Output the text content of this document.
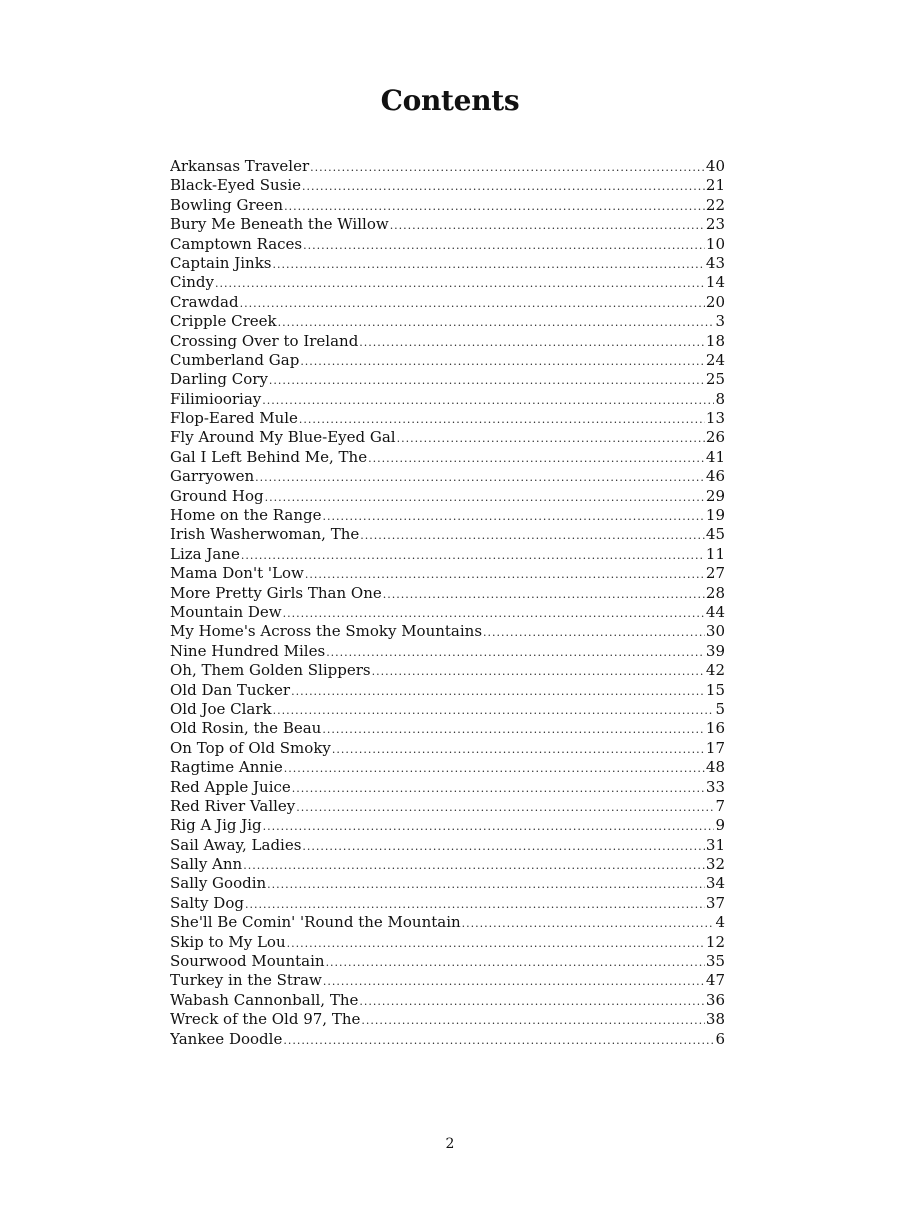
Contents
Arkansas Traveler .....	40
Black-Eyed Susie .....	21
Bowling Green .....	22
Bury Me Beneath the Willow .....	23
Camptown Races .....	10
Captain Jinks .....	43
Cindy .....	14
Crawdad .....	20
Cripple Creek .....	3
Crossing Over to Ireland .....	18
Cumberland Gap .....	24
Darling Cory .....	25
Filimiooriay .....	8
Flop-Eared Mule .....	13
Fly Around My Blue-Eyed Gal .....	26
Gal I Left Behind Me, The .....	41
Garryowen .....	46
Ground Hog .....	29
Home on the Range .....	19
Irish Washerwoman, The .....	45
Liza Jane .....	11
Mama Don't 'Low .....	27
More Pretty Girls Than One .....	28
Mountain Dew .....	44
My Home's Across the Smoky Mountains .....	30
Nine Hundred Miles .....	39
Oh, Them Golden Slippers .....	42
Old Dan Tucker .....	15
Old Joe Clark .....	5
Old Rosin, the Beau .....	16
On Top of Old Smoky .....	17
Ragtime Annie .....	48
Red Apple Juice .....	33
Red River Valley .....	7
Rig A Jig Jig .....	9
Sail Away, Ladies .....	31
Sally Ann .....	32
Sally Goodin .....	34
Salty Dog .....	37
She'll Be Comin' 'Round the Mountain .....	4
Skip to My Lou .....	12
Sourwood Mountain .....	35
Turkey in the Straw .....	47
Wabash Cannonball, The .....	36
Wreck of the Old 97, The .....	38
Yankee Doodle .....	6
2
